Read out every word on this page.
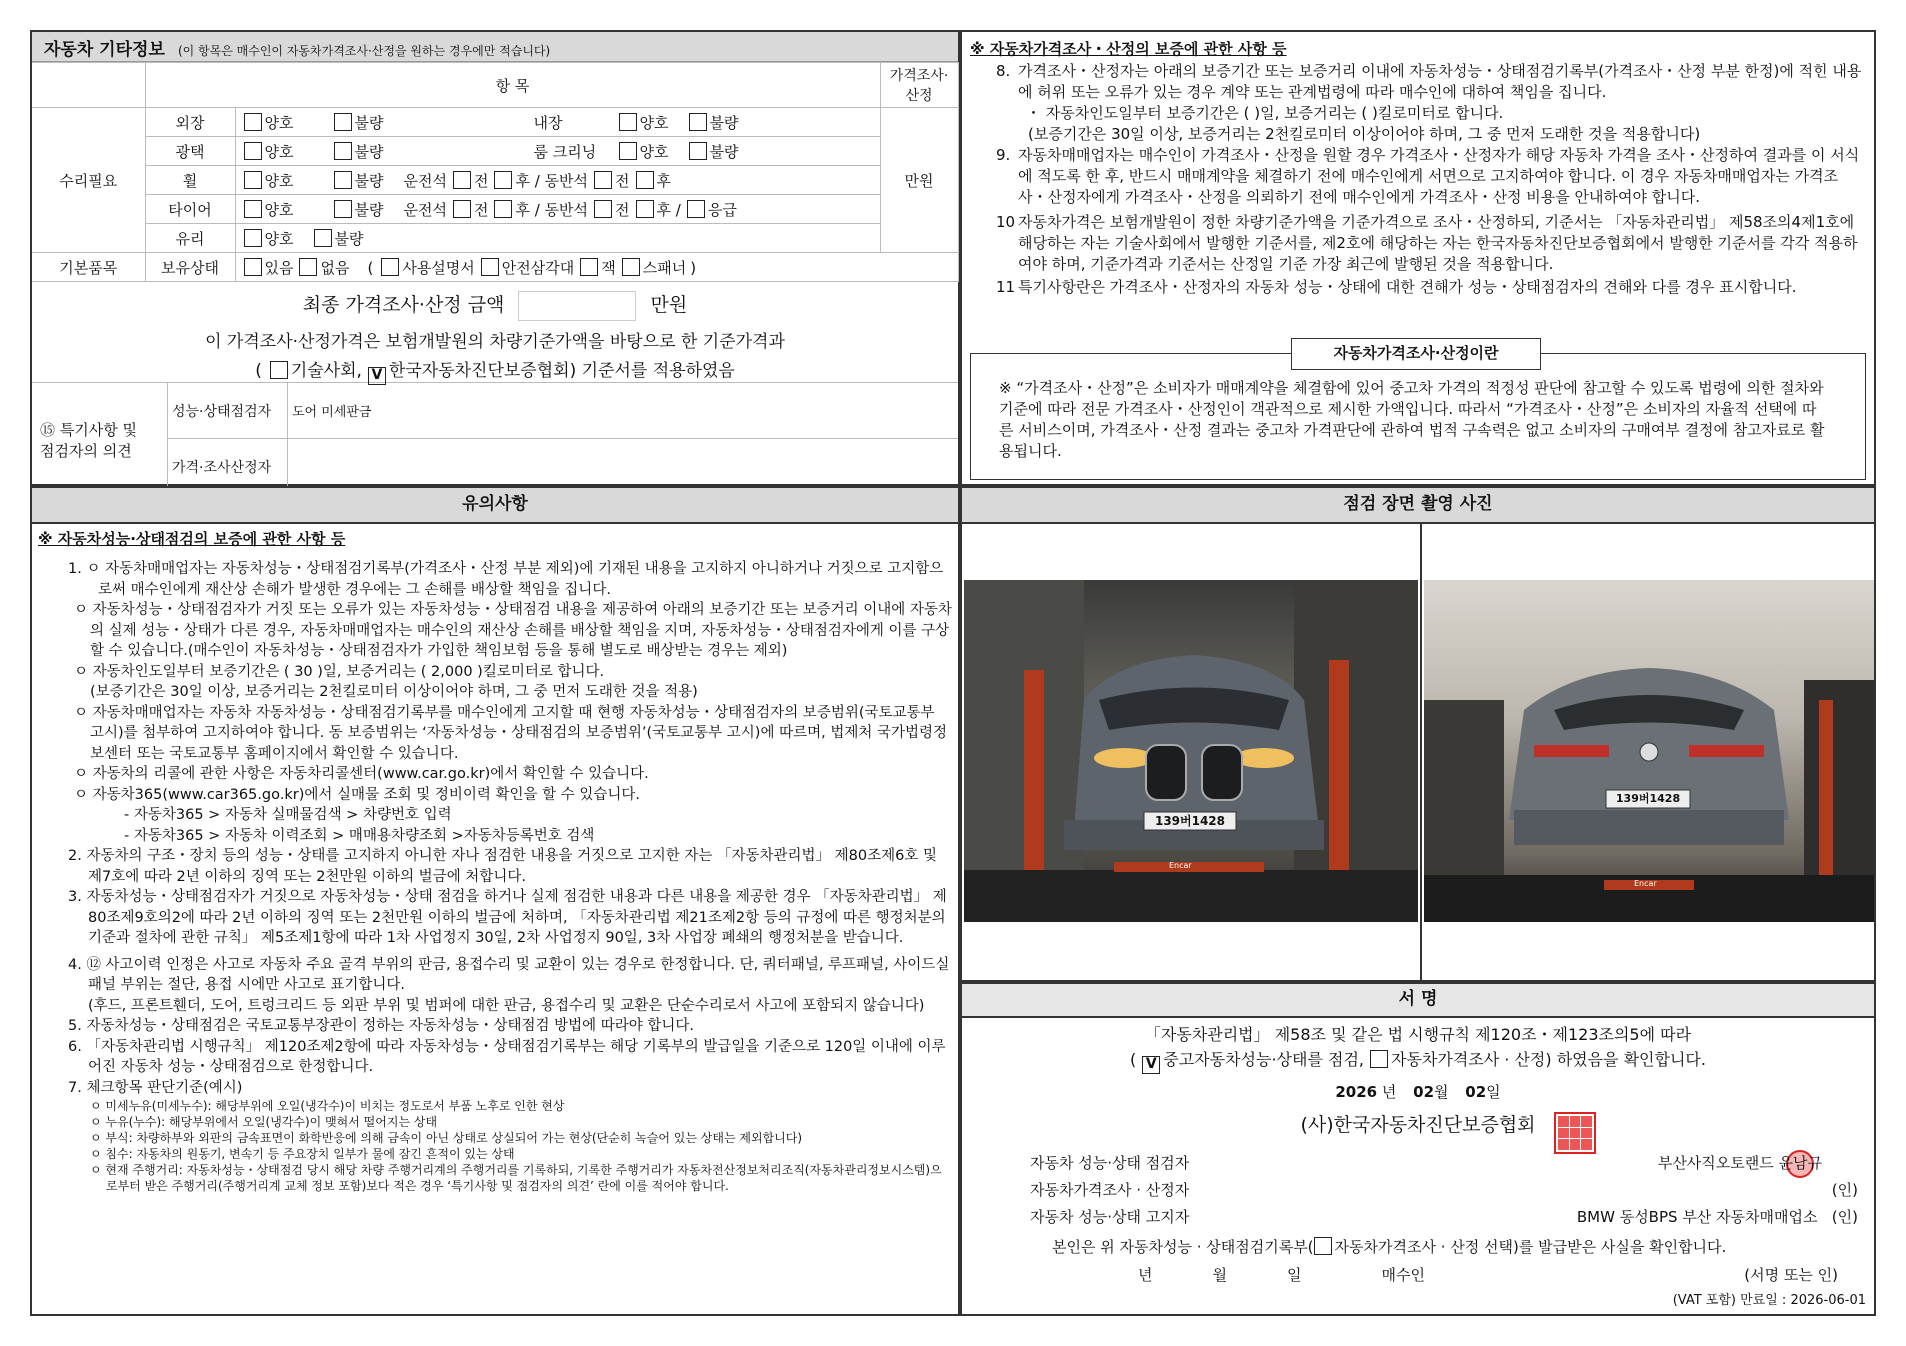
자동차 기타정보 (이 항목은 매수인이 자동차가격조사·산정을 원하는 경우에만 적습니다)
	항 목		가격조사·산정
수리필요	외장	양호 불량 내장 양호 불량	만원
	광택	양호 불량 룸 크리닝 양호 불량	
	휠	양호 불량 운전석 전 후 / 동반석 전 후	
	타이어	양호 불량 운전석 전 후 / 동반석 전 후 / 응급	
	유리	양호 불량	
기본품목	보유상태	있음 없음 ( 사용설명서 안전삼각대 잭 스패너 )	
최종 가격조사·산정 금액	만원
이 가격조사·산정가격은 보험개발원의 차량기준가액을 바탕으로 한 기준가격과
( 기술사회, V 한국자동차진단보증협회) 기준서를 적용하였음
⑮ 특기사항 및
점검자의 의견
성능·상태점검자	도어 미세판금
가격·조사산정자
※ 자동차가격조사・산정의 보증에 관한 사항 등
8. 가격조사・산정자는 아래의 보증기간 또는 보증거리 이내에 자동차성능・상태점검기록부(가격조사・산정 부분 한정)에 적힌 내용에 허위 또는 오류가 있는 경우 계약 또는 관계법령에 따라 매수인에 대하여 책임을 집니다.
・ 자동차인도일부터 보증기간은 ( )일, 보증거리는 ( )킬로미터로 합니다.
(보증기간은 30일 이상, 보증거리는 2천킬로미터 이상이어야 하며, 그 중 먼저 도래한 것을 적용합니다)
9. 자동차매매업자는 매수인이 가격조사・산정을 원할 경우 가격조사・산정자가 해당 자동차 가격을 조사・산정하여 결과를 이 서식에 적도록 한 후, 반드시 매매계약을 체결하기 전에 매수인에게 서면으로 고지하여야 합니다. 이 경우 자동차매매업자는 가격조사・산정자에게 가격조사・산정을 의뢰하기 전에 매수인에게 가격조사・산정 비용을 안내하여야 합니다.
10 자동차가격은 보험개발원이 정한 차량기준가액을 기준가격으로 조사・산정하되, 기준서는 「자동차관리법」 제58조의4제1호에 해당하는 자는 기술사회에서 발행한 기준서를, 제2호에 해당하는 자는 한국자동차진단보증협회에서 발행한 기준서를 각각 적용하여야 하며, 기준가격과 기준서는 산정일 기준 가장 최근에 발행된 것을 적용합니다.
11 특기사항란은 가격조사・산정자의 자동차 성능・상태에 대한 견해가 성능・상태점검자의 견해와 다를 경우 표시합니다.
자동차가격조사·산정이란
※ “가격조사・산정”은 소비자가 매매계약을 체결함에 있어 중고차 가격의 적정성 판단에 참고할 수 있도록 법령에 의한 절차와 기준에 따라 전문 가격조사・산정인이 객관적으로 제시한 가액입니다. 따라서 “가격조사・산정”은 소비자의 자율적 선택에 따른 서비스이며, 가격조사・산정 결과는 중고차 가격판단에 관하여 법적 구속력은 없고 소비자의 구매여부 결정에 참고자료로 활용됩니다.
유의사항
※ 자동차성능·상태점검의 보증에 관한 사항 등
1. ㅇ 자동차매매업자는 자동차성능・상태점검기록부(가격조사・산정 부분 제외)에 기재된 내용을 고지하지 아니하거나 거짓으로 고지함으로써 매수인에게 재산상 손해가 발생한 경우에는 그 손해를 배상할 책임을 집니다.
ㅇ 자동차성능・상태점검자가 거짓 또는 오류가 있는 자동차성능・상태점검 내용을 제공하여 아래의 보증기간 또는 보증거리 이내에 자동차의 실제 성능・상태가 다른 경우, 자동차매매업자는 매수인의 재산상 손해를 배상할 책임을 지며, 자동차성능・상태점검자에게 이를 구상할 수 있습니다.(매수인이 자동차성능・상태점검자가 가입한 책임보험 등을 통해 별도로 배상받는 경우는 제외)
ㅇ 자동차인도일부터 보증기간은 ( 30 )일, 보증거리는 ( 2,000 )킬로미터로 합니다.
(보증기간은 30일 이상, 보증거리는 2천킬로미터 이상이어야 하며, 그 중 먼저 도래한 것을 적용)
ㅇ 자동차매매업자는 자동차 자동차성능・상태점검기록부를 매수인에게 고지할 때 현행 자동차성능・상태점검자의 보증범위(국토교통부 고시)를 첨부하여 고지하여야 합니다. 동 보증범위는 ‘자동차성능・상태점검의 보증범위’(국토교통부 고시)에 따르며, 법제처 국가법령정보센터 또는 국토교통부 홈페이지에서 확인할 수 있습니다.
ㅇ 자동차의 리콜에 관한 사항은 자동차리콜센터(www.car.go.kr)에서 확인할 수 있습니다.
ㅇ 자동차365(www.car365.go.kr)에서 실매물 조회 및 정비이력 확인을 할 수 있습니다.
- 자동차365 > 자동차 실매물검색 > 차량번호 입력
- 자동차365 > 자동차 이력조회 > 매매용차량조회 >자동차등록번호 검색
2. 자동차의 구조・장치 등의 성능・상태를 고지하지 아니한 자나 점검한 내용을 거짓으로 고지한 자는 「자동차관리법」 제80조제6호 및 제7호에 따라 2년 이하의 징역 또는 2천만원 이하의 벌금에 처합니다.
3. 자동차성능・상태점검자가 거짓으로 자동차성능・상태 점검을 하거나 실제 점검한 내용과 다른 내용을 제공한 경우 「자동차관리법」 제80조제9호의2에 따라 2년 이하의 징역 또는 2천만원 이하의 벌금에 처하며, 「자동차관리법 제21조제2항 등의 규정에 따른 행정처분의 기준과 절차에 관한 규칙」 제5조제1항에 따라 1차 사업정지 30일, 2차 사업정지 90일, 3차 사업장 폐쇄의 행정처분을 받습니다.
4. ⑫ 사고이력 인정은 사고로 자동차 주요 골격 부위의 판금, 용접수리 및 교환이 있는 경우로 한정합니다. 단, 쿼터패널, 루프패널, 사이드실패널 부위는 절단, 용접 시에만 사고로 표기합니다.
(후드, 프론트휀더, 도어, 트렁크리드 등 외판 부위 및 범퍼에 대한 판금, 용접수리 및 교환은 단순수리로서 사고에 포함되지 않습니다)
5. 자동차성능・상태점검은 국토교통부장관이 정하는 자동차성능・상태점검 방법에 따라야 합니다.
6. 「자동차관리법 시행규칙」 제120조제2항에 따라 자동차성능・상태점검기록부는 해당 기록부의 발급일을 기준으로 120일 이내에 이루어진 자동차 성능・상태점검으로 한정합니다.
7. 체크항목 판단기준(예시)
ㅇ 미세누유(미세누수): 해당부위에 오일(냉각수)이 비치는 정도로서 부품 노후로 인한 현상
ㅇ 누유(누수): 해당부위에서 오일(냉각수)이 맺혀서 떨어지는 상태
ㅇ 부식: 차량하부와 외판의 금속표면이 화학반응에 의해 금속이 아닌 상태로 상실되어 가는 현상(단순히 녹슬어 있는 상태는 제외합니다)
ㅇ 침수: 자동차의 원동기, 변속기 등 주요장치 일부가 물에 잠긴 흔적이 있는 상태
ㅇ 현재 주행거리: 자동차성능・상태점검 당시 해당 차량 주행거리계의 주행거리를 기록하되, 기록한 주행거리가 자동차전산정보처리조직(자동차관리정보시스템)으로부터 받은 주행거리(주행거리계 교체 정보 포함)보다 적은 경우 ‘특기사항 및 점검자의 의견’ 란에 이를 적어야 합니다.
점검 장면 촬영 사진
139버1428
Encar
139버1428
Encar
서 명
「자동차관리법」 제58조 및 같은 법 시행규칙 제120조・제123조의5에 따라
( V 중고자동차성능·상태를 점검, 자동차가격조사 · 산정) 하였음을 확인합니다.
2026 년 02월 02일
(사)한국자동차진단보증협회
자동차 성능·상태 점검자	부산사직오토랜드 윤남규
자동차가격조사 · 산정자	(인)
자동차 성능·상태 고지자	BMW 동성BPS 부산 자동차매매업소   (인)
본인은 위 자동차성능 · 상태점검기록부( 자동차가격조사 · 산정 선택)를 발급받은 사실을 확인합니다.
년	월	일	매수인	(서명 또는 인)
(VAT 포함) 만료일 : 2026-06-01
